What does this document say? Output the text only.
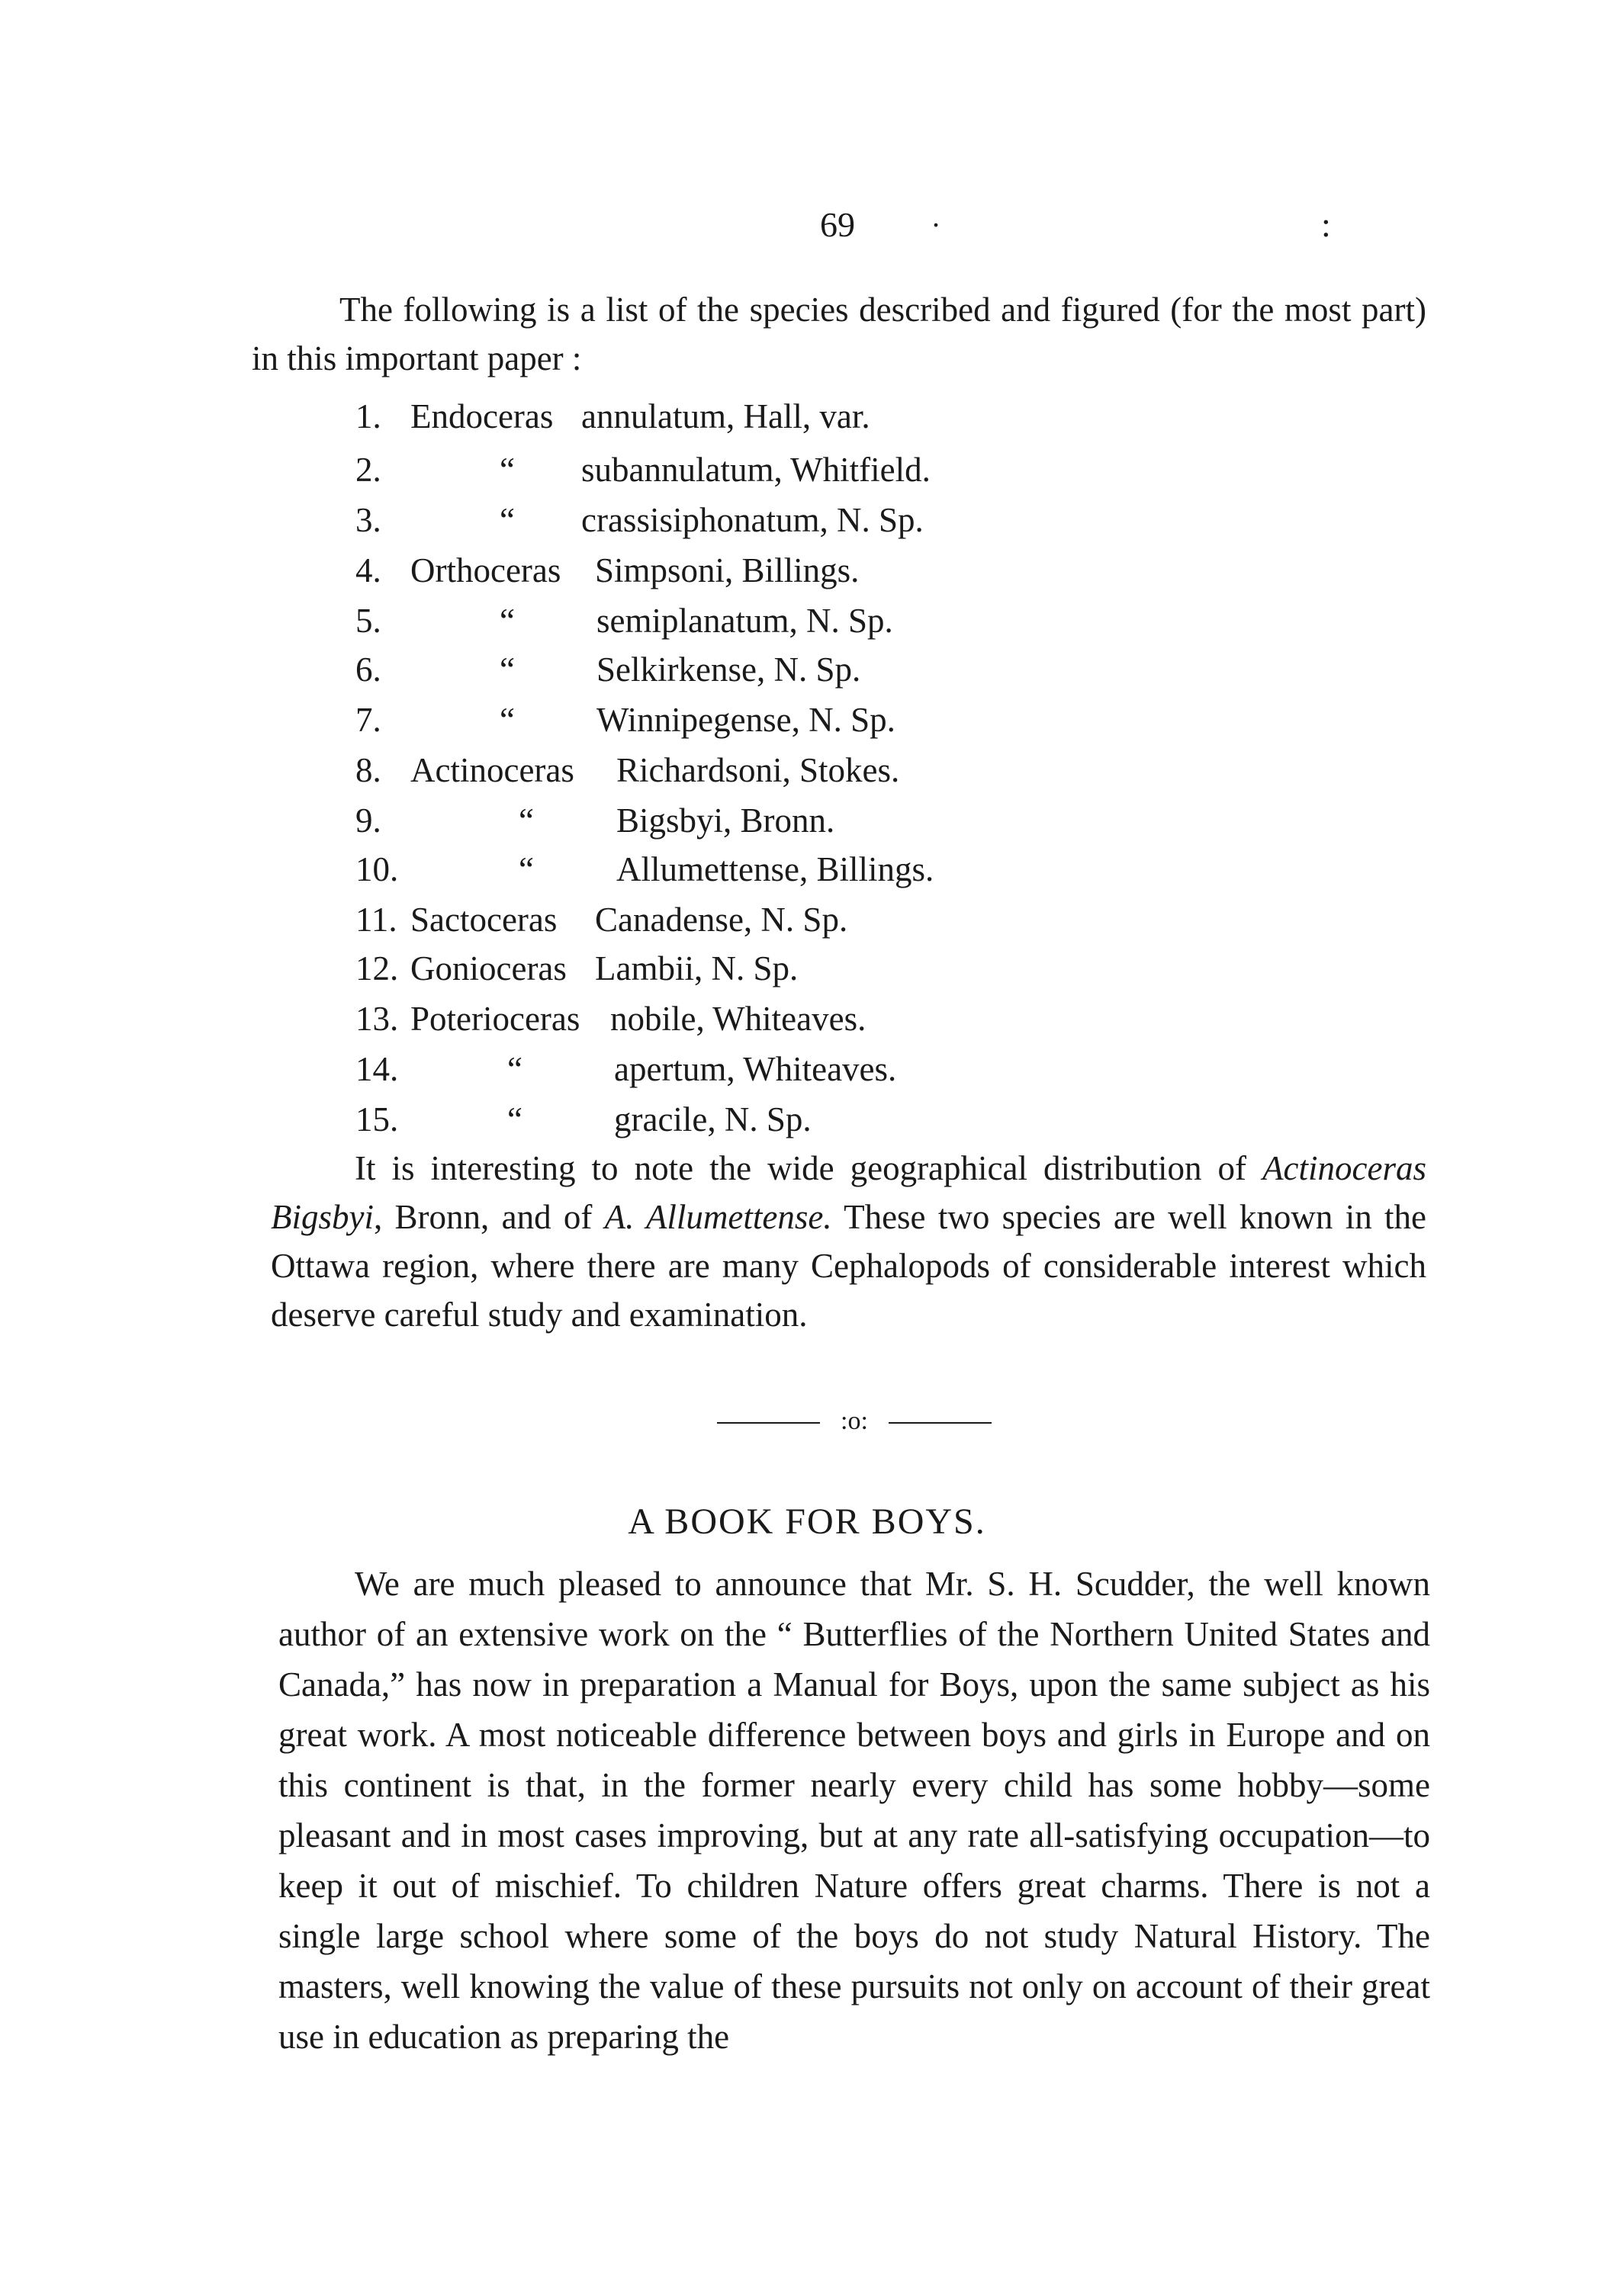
69	.	:

The following is a list of the species described and figured (for the most part) in this important paper :

1. Endoceras annulatum, Hall, var.
2.	“ subannulatum, Whitfield.
3.	“ crassisiphonatum, N. Sp.
4. Orthoceras Simpsoni, Billings.
5.	“ semiplanatum, N. Sp.
6.	“ Selkirkense, N. Sp.
7.	“ Winnipegense, N. Sp.
8. Actinoceras Richardsoni, Stokes.
9.	“ Bigsbyi, Bronn.
10.	“ Allumettense, Billings.
11. Sactoceras Canadense, N. Sp.
12. Gonioceras Lambii, N. Sp.
13. Poterioceras nobile, Whiteaves.
14.	“	apertum, Whiteaves.
15.	“	gracile, N. Sp.

It is interesting to note the wide geographical distribution of Actinoceras Bigsbyi, Bronn, and of A. Allumettense. These two species are well known in the Ottawa region, where there are many Cephalopods of considerable interest which deserve careful study and examination.

:o:
A BOOK FOR BOYS.

We are much pleased to announce that Mr. S. H. Scudder, the well known author of an extensive work on the “ Butterflies of the Northern United States and Canada,” has now in preparation a Manual for Boys, upon the same subject as his great work. A most noticeable difference between boys and girls in Europe and on this continent is that, in the former nearly every child has some hobby—some pleasant and in most cases improving, but at any rate all-satisfying occupation—to keep it out of mischief. To children Nature offers great charms. There is not a single large school where some of the boys do not study Natural History. The masters, well knowing the value of these pursuits not only on account of their great use in education as preparing the
